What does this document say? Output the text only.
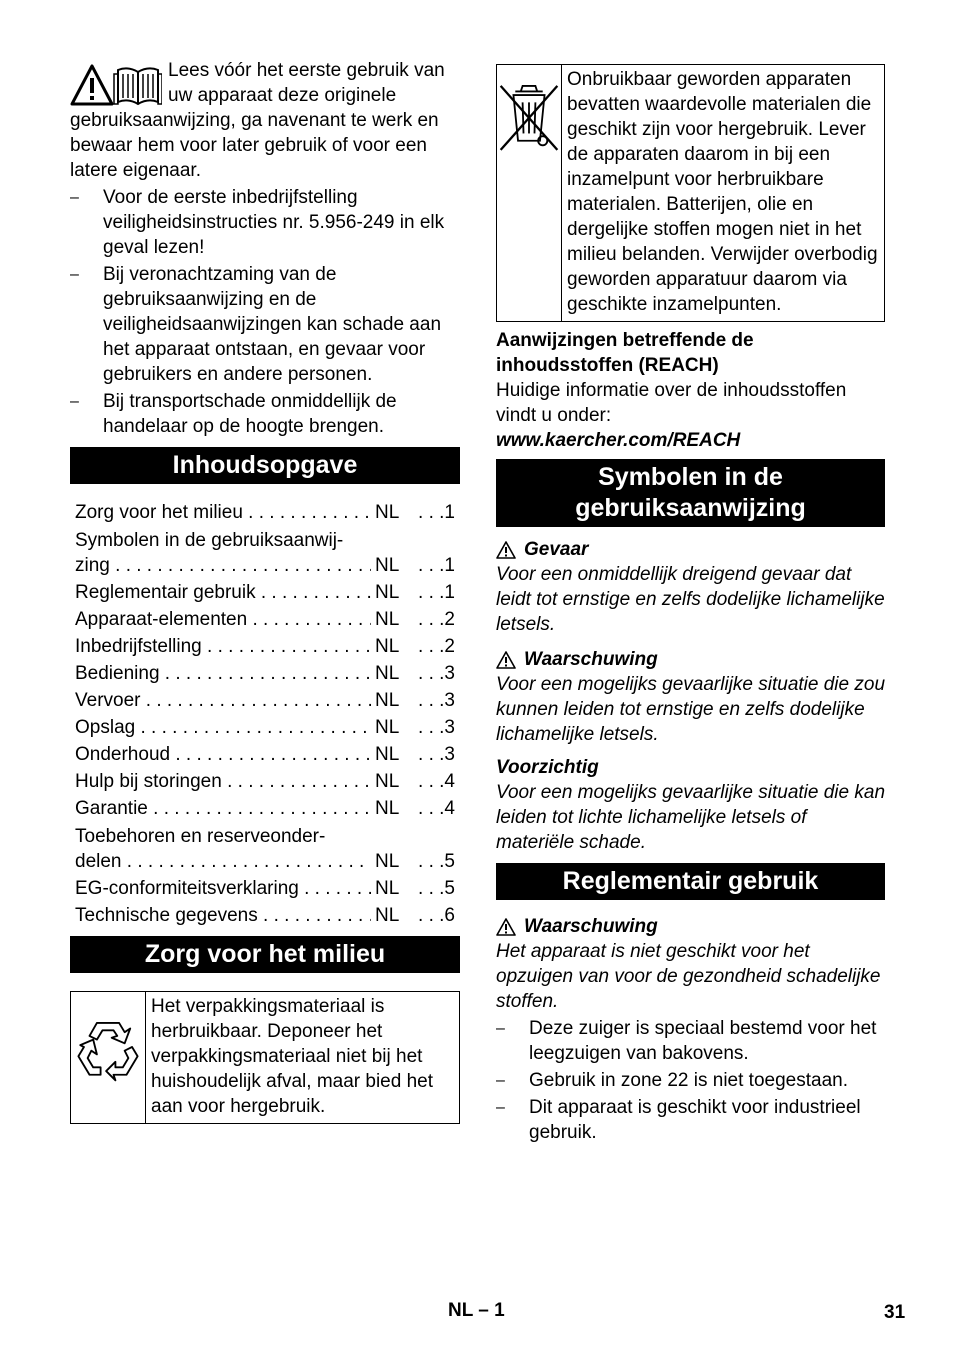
Lees vóór het eerste gebruik van uw apparaat deze originele gebruiksaanwijzing, ga navenant te werk en bewaar hem voor later gebruik of voor een latere eigenaar.

– Voor de eerste inbedrijfstelling veiligheidsinstructies nr. 5.956-249 in elk geval lezen!
– Bij veronachtzaming van de gebruiksaanwijzing en de veiligheidsaanwijzingen kan schade aan het apparaat ontstaan, en gevaar voor gebruikers en andere personen.
– Bij transportschade onmiddellijk de handelaar op de hoogte brengen.
Inhoudsopgave
Zorg voor het milieu . . .	NL	. . . 1
Symbolen in de gebruiksaanwij-
zing . . .	NL	. . . 1
Reglementair gebruik . . .	NL	. . . 1
Apparaat-elementen . . .	NL	. . . 2
Inbedrijfstelling . . .	NL	. . . 2
Bediening . . .	NL	. . . 3
Vervoer . . .	NL	. . . 3
Opslag . . .	NL	. . . 3
Onderhoud . . .	NL	. . . 3
Hulp bij storingen . . .	NL	. . . 4
Garantie . . .	NL	. . . 4
Toebehoren en reserveonder-
delen . . .	NL	. . . 5
EG-conformiteitsverklaring . . .	NL	. . . 5
Technische gegevens . . .	NL	. . . 6
Zorg voor het milieu
Het verpakkingsmateriaal is herbruikbaar. Deponeer het verpakkingsmateriaal niet bij het huishoudelijk afval, maar bied het aan voor hergebruik.
Onbruikbaar geworden apparaten bevatten waardevolle materialen die geschikt zijn voor hergebruik. Lever de apparaten daarom in bij een inzamelpunt voor herbruikbare materialen. Batterijen, olie en dergelijke stoffen mogen niet in het milieu belanden. Verwijder overbodig geworden apparatuur daarom via geschikte inzamelpunten.

Aanwijzingen betreffende de inhoudsstoffen (REACH)

Huidige informatie over de inhoudsstoffen vindt u onder:

www.kaercher.com/REACH

Symbolen in de gebruiksaanwijzing
Gevaar

Voor een onmiddellijk dreigend gevaar dat leidt tot ernstige en zelfs dodelijke lichamelijke letsels.

Waarschuwing

Voor een mogelijks gevaarlijke situatie die zou kunnen leiden tot ernstige en zelfs dodelijke lichamelijke letsels.

Voorzichtig

Voor een mogelijks gevaarlijke situatie die kan leiden tot lichte lichamelijke letsels of materiële schade.

Reglementair gebruik
Waarschuwing

Het apparaat is niet geschikt voor het opzuigen van voor de gezondheid schadelijke stoffen.

– Deze zuiger is speciaal bestemd voor het leegzuigen van bakovens.
– Gebruik in zone 22 is niet toegestaan.
– Dit apparaat is geschikt voor industrieel gebruik.
NL – 1	31
